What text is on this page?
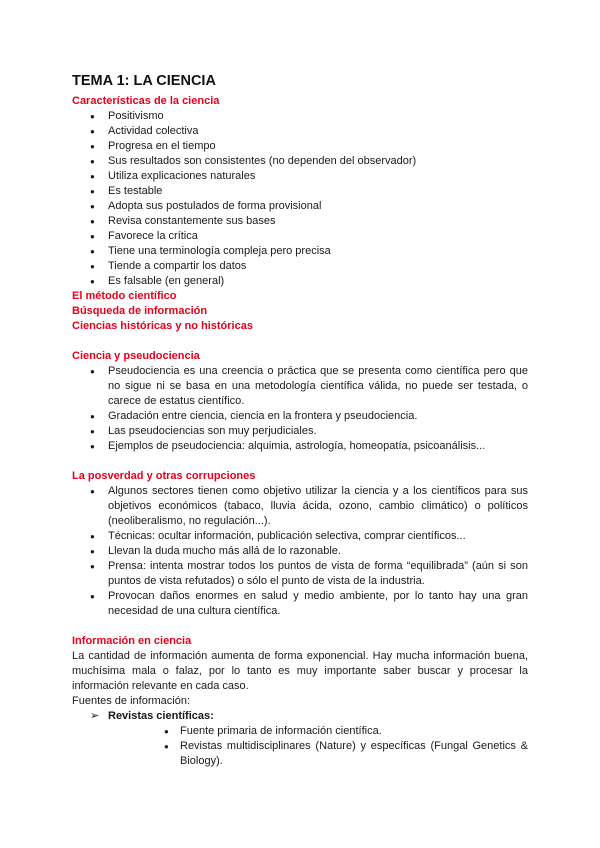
TEMA 1: LA CIENCIA
Características de la ciencia
● Positivismo
● Actividad colectiva
● Progresa en el tiempo
● Sus resultados son consistentes (no dependen del observador)
● Utiliza explicaciones naturales
● Es testable
● Adopta sus postulados de forma provisional
● Revisa constantemente sus bases
● Favorece la crítica
● Tiene una terminología compleja pero precisa
● Tiende a compartir los datos
● Es falsable (en general)
El método científico
Búsqueda de información
Ciencias históricas y no históricas
Ciencia y pseudociencia
● Pseudociencia es una creencia o práctica que se presenta como científica pero que no sigue ni se basa en una metodología científica válida, no puede ser testada, o carece de estatus científico.
● Gradación entre ciencia, ciencia en la frontera y pseudociencia.
● Las pseudociencias son muy perjudiciales.
● Ejemplos de pseudociencia: alquimia, astrología, homeopatía, psicoanálisis...
La posverdad y otras corrupciones
● Algunos sectores tienen como objetivo utilizar la ciencia y a los científicos para sus objetivos económicos (tabaco, lluvia ácida, ozono, cambio climático) o políticos (neoliberalismo, no regulación...).
● Técnicas: ocultar información, publicación selectiva, comprar científicos...
● Llevan la duda mucho más allá de lo razonable.
● Prensa: intenta mostrar todos los puntos de vista de forma “equilibrada” (aún si son puntos de vista refutados) o sólo el punto de vista de la industria.
● Provocan daños enormes en salud y medio ambiente, por lo tanto hay una gran necesidad de una cultura científica.
Información en ciencia

La cantidad de información aumenta de forma exponencial. Hay mucha información buena, muchísima mala o falaz, por lo tanto es muy importante saber buscar y procesar la información relevante en cada caso.

Fuentes de información:

➢ Revistas científicas:
● Fuente primaria de información científica.
● Revistas multidisciplinares (Nature) y específicas (Fungal Genetics & Biology).
